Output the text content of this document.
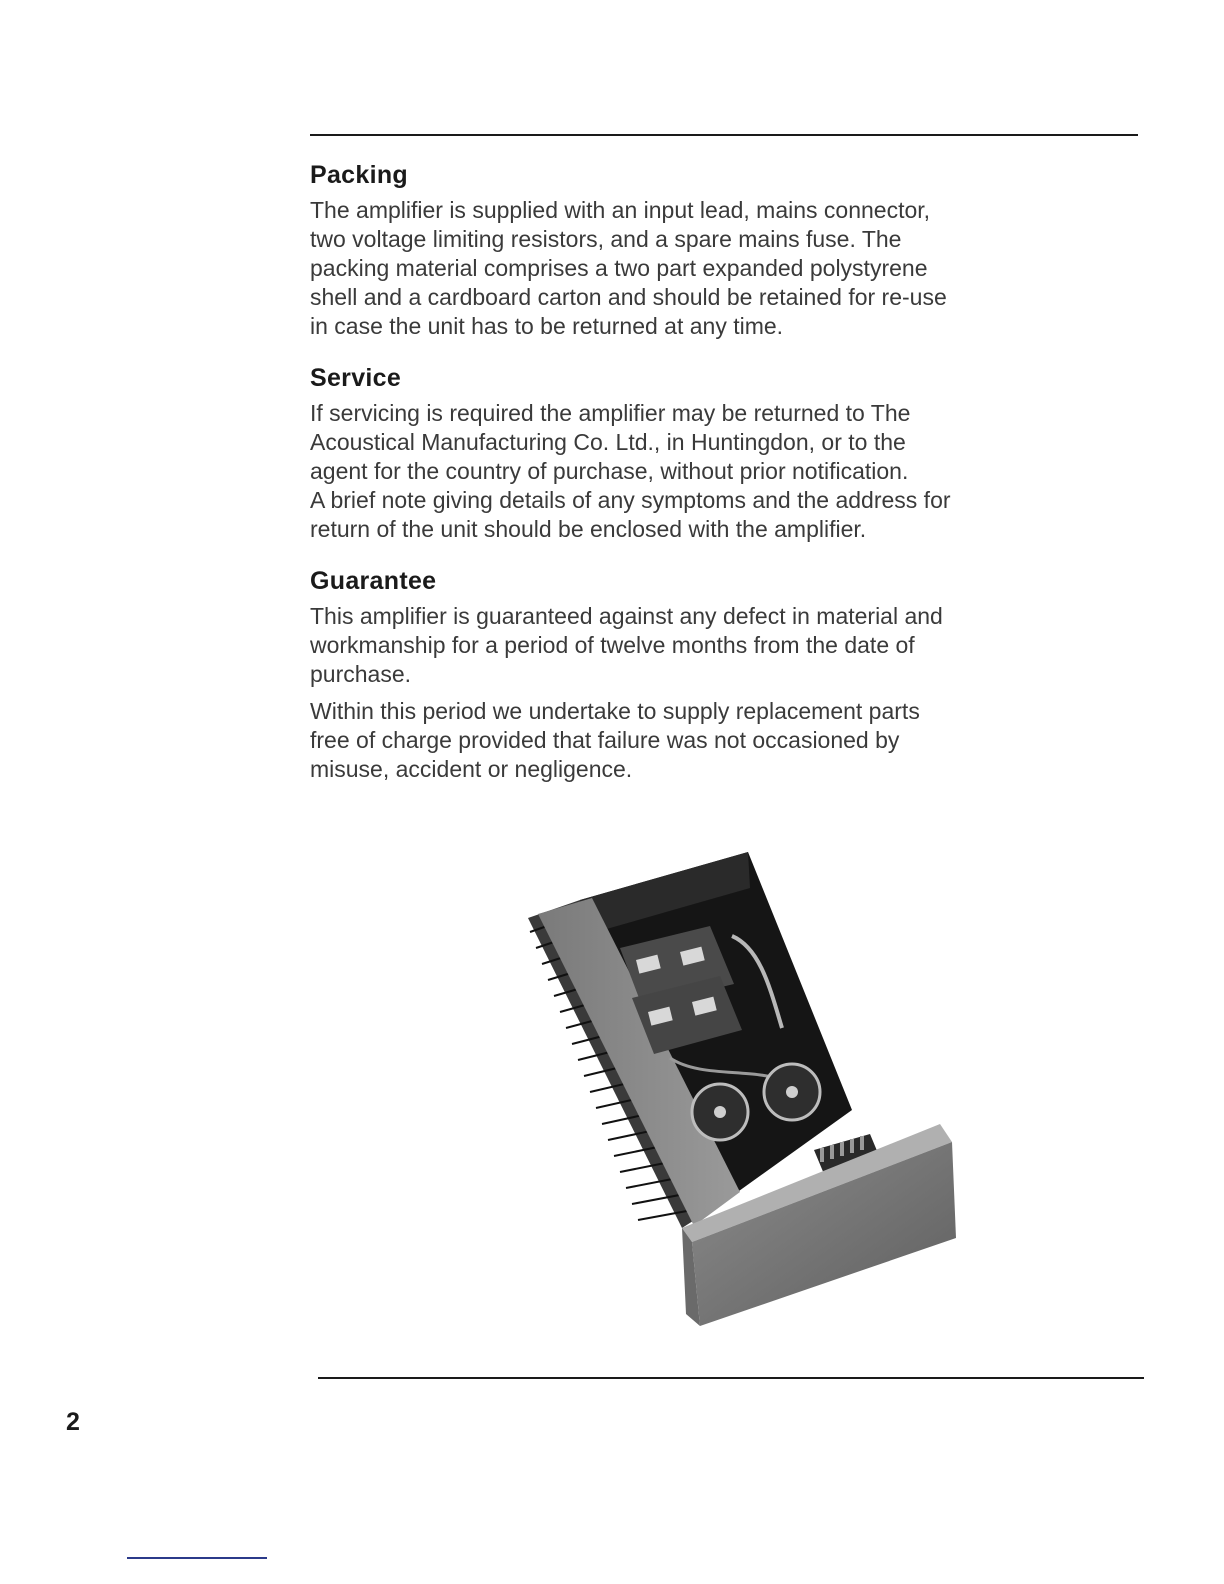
Packing

The amplifier is supplied with an input lead, mains connector,
two voltage limiting resistors, and a spare mains fuse. The
packing material comprises a two part expanded polystyrene
shell and a cardboard carton and should be retained for re-use
in case the unit has to be returned at any time.

Service

If servicing is required the amplifier may be returned to The
Acoustical Manufacturing Co. Ltd., in Huntingdon, or to the
agent for the country of purchase, without prior notification.
A brief note giving details of any symptoms and the address for
return of the unit should be enclosed with the amplifier.

Guarantee

This amplifier is guaranteed against any defect in material and
workmanship for a period of twelve months from the date of
purchase.

Within this period we undertake to supply replacement parts
free of charge provided that failure was not occasioned by
misuse, accident or negligence.

2
